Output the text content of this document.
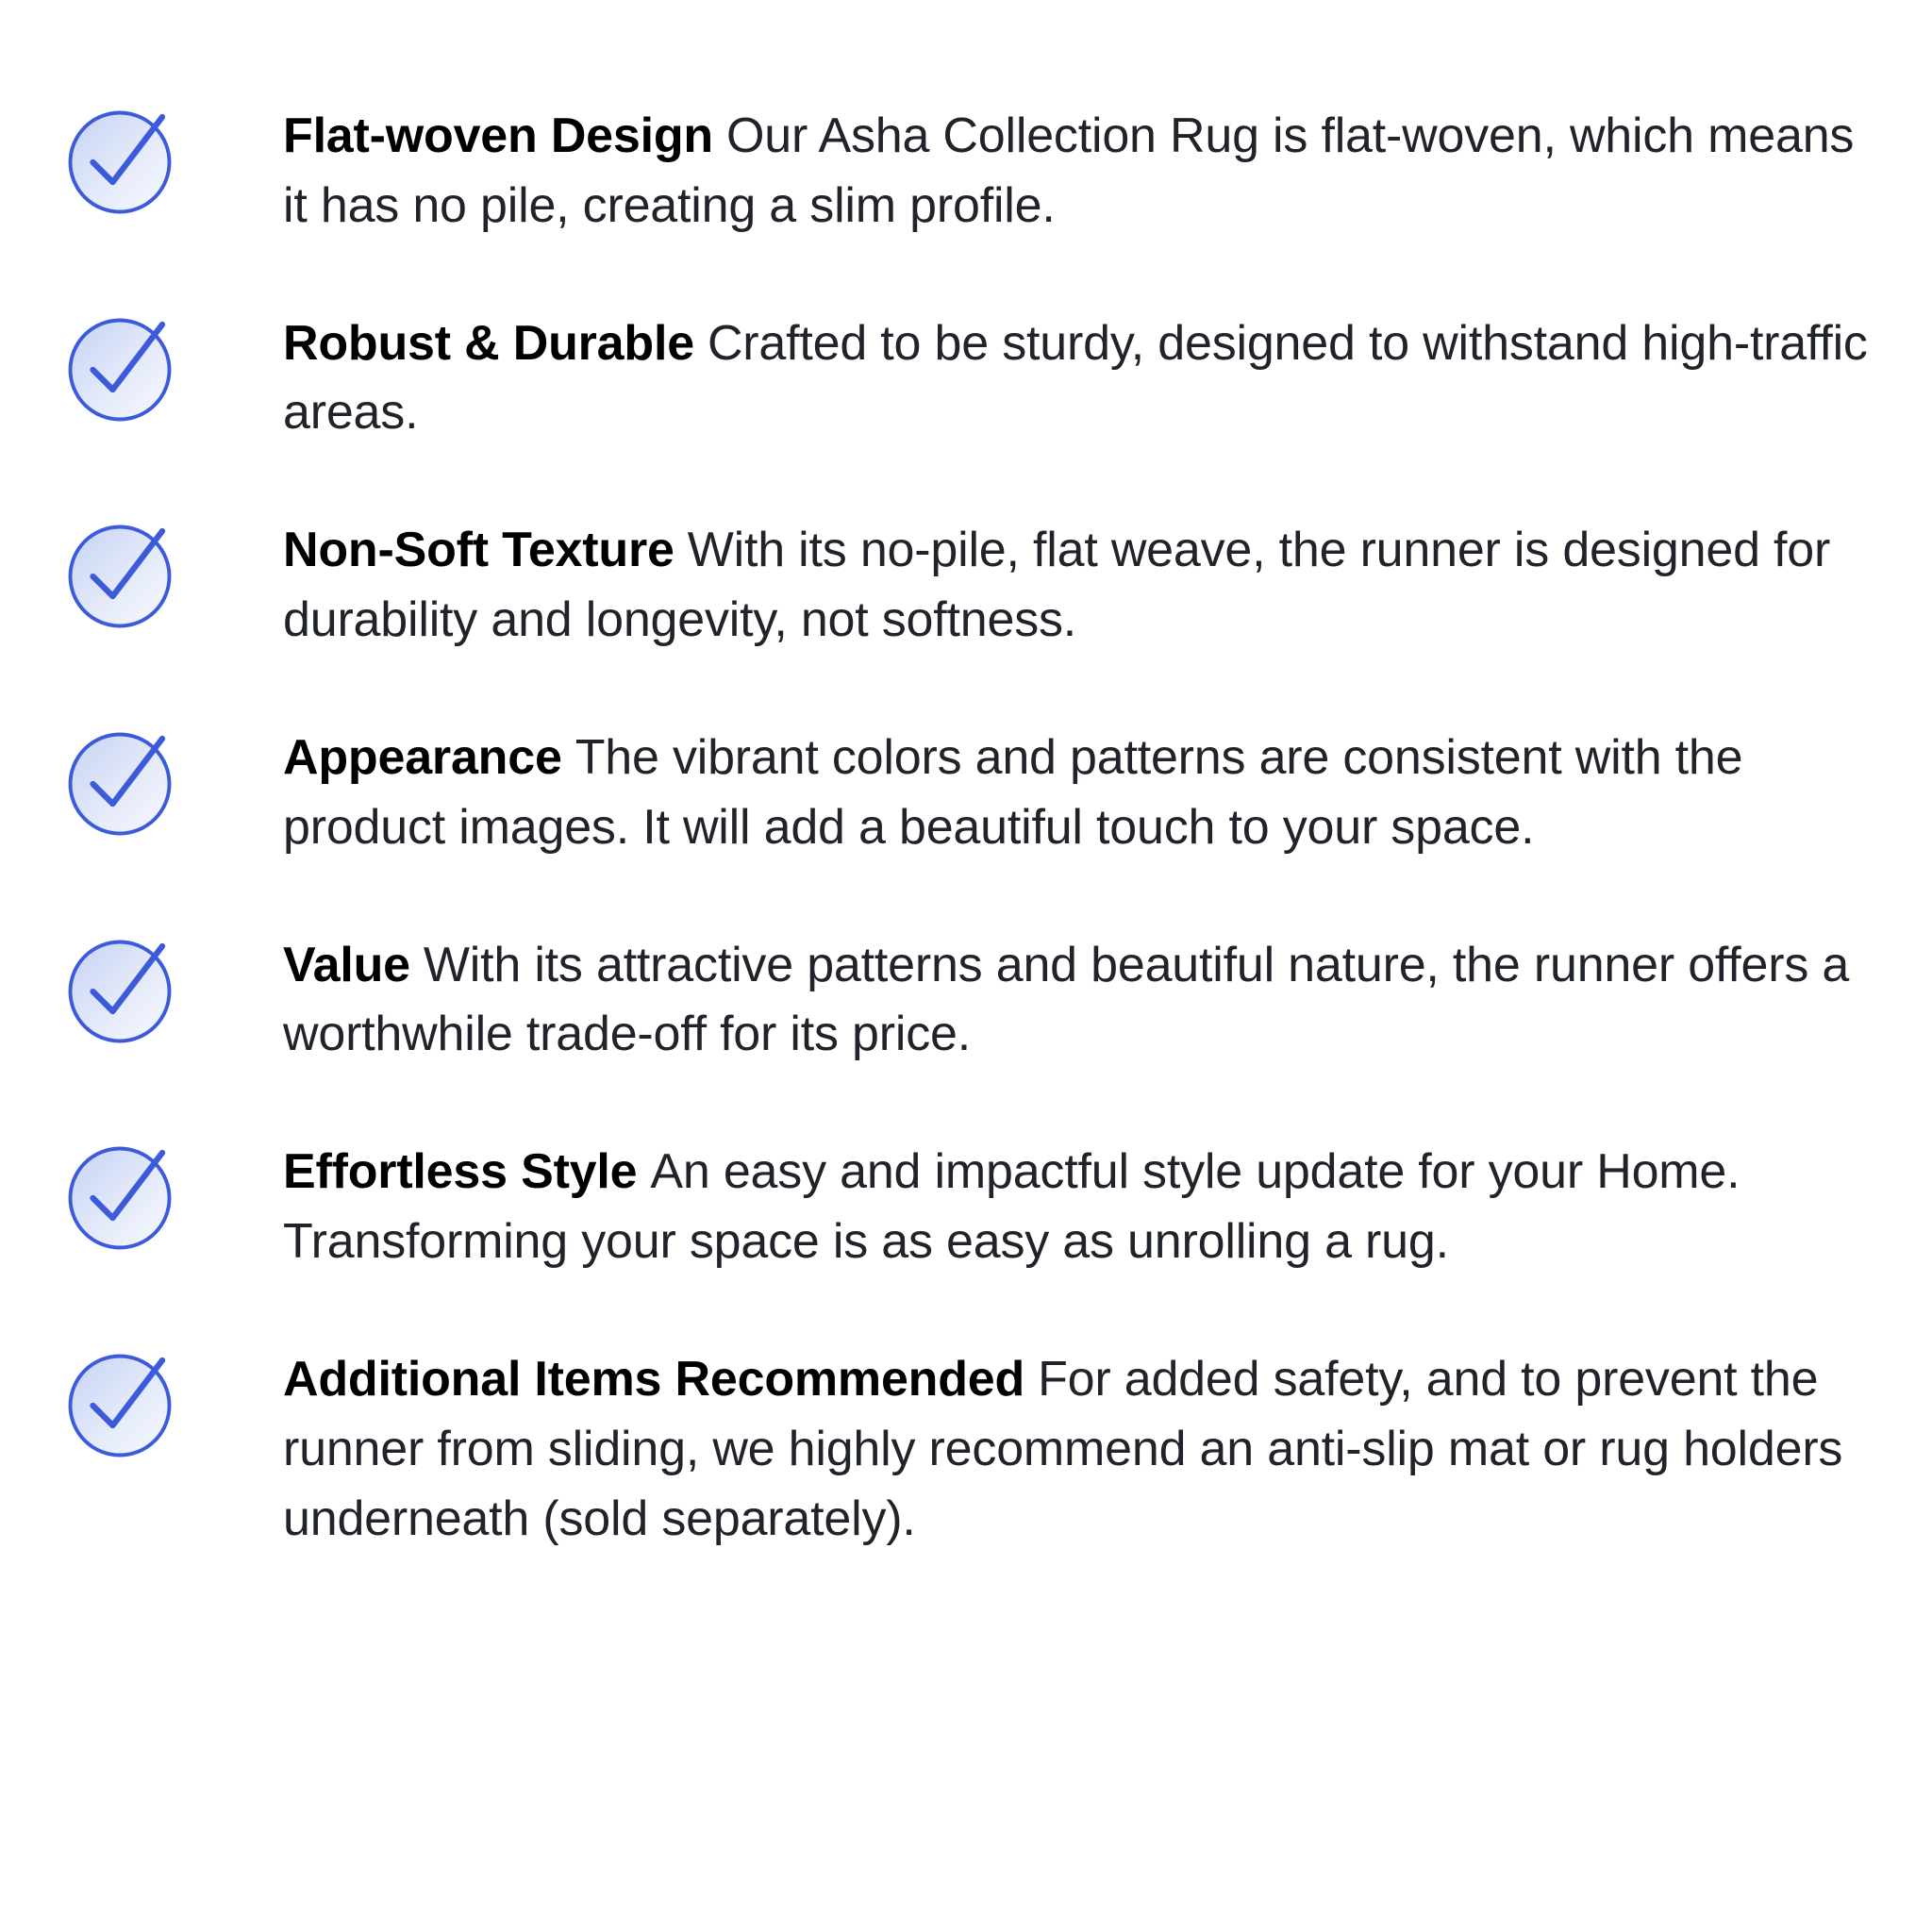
Flat-woven Design Our Asha Collection Rug is flat-woven, which means it has no pile, creating a slim profile.
Robust & Durable Crafted to be sturdy, designed to withstand high-traffic areas.
Non-Soft Texture With its no-pile, flat weave, the runner is designed for durability and longevity, not softness.
Appearance The vibrant colors and patterns are consistent with the product images. It will add a beautiful touch to your space.
Value With its attractive patterns and beautiful nature, the runner offers a worthwhile trade-off for its price.
Effortless Style An easy and impactful style update for your Home. Transforming your space is as easy as unrolling a rug.
Additional Items Recommended For added safety, and to prevent the runner from sliding, we highly recommend an anti-slip mat or rug holders underneath (sold separately).
